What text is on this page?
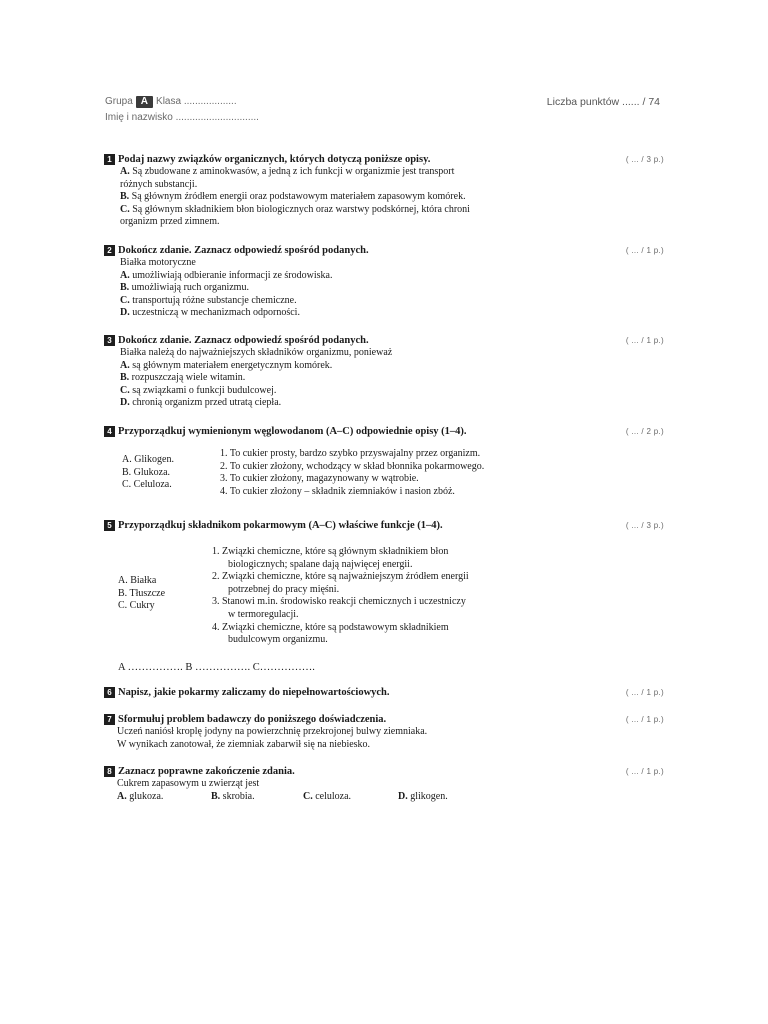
Grupa A Klasa ...................
Imię i nazwisko ..............................
Liczba punktów ...... / 74
1 Podaj nazwy związków organicznych, których dotyczą poniższe opisy.	( ... / 3 p.)
A. Są zbudowane z aminokwasów, a jedną z ich funkcji w organizmie jest transport
różnych substancji.
B. Są głównym źródłem energii oraz podstawowym materiałem zapasowym komórek.
C. Są głównym składnikiem błon biologicznych oraz warstwy podskórnej, która chroni
organizm przed zimnem.
2 Dokończ zdanie. Zaznacz odpowiedź spośród podanych.	( ... / 1 p.)
Białka motoryczne
A. umożliwiają odbieranie informacji ze środowiska.
B. umożliwiają ruch organizmu.
C. transportują różne substancje chemiczne.
D. uczestniczą w mechanizmach odporności.
3 Dokończ zdanie. Zaznacz odpowiedź spośród podanych.	( ... / 1 p.)
Białka należą do najważniejszych składników organizmu, ponieważ
A. są głównym materiałem energetycznym komórek.
B. rozpuszczają wiele witamin.
C. są związkami o funkcji budulcowej.
D. chronią organizm przed utratą ciepła.
4 Przyporządkuj wymienionym węglowodanom (A–C) odpowiednie opisy (1–4).	( ... / 2 p.)
A. Glikogen.
B. Glukoza.
C. Celuloza.
1. To cukier prosty, bardzo szybko przyswajalny przez organizm.
2. To cukier złożony, wchodzący w skład błonnika pokarmowego.
3. To cukier złożony, magazynowany w wątrobie.
4. To cukier złożony – składnik ziemniaków i nasion zbóż.
5 Przyporządkuj składnikom pokarmowym (A–C) właściwe funkcje (1–4).	( ... / 3 p.)
A. Białka
B. Tłuszcze
C. Cukry
1. Związki chemiczne, które są głównym składnikiem błon
biologicznych; spalane dają najwięcej energii.
2. Związki chemiczne, które są najważniejszym źródłem energii
potrzebnej do pracy mięśni.
3. Stanowi m.in. środowisko reakcji chemicznych i uczestniczy
w termoregulacji.
4. Związki chemiczne, które są podstawowym składnikiem
budulcowym organizmu.
A ……………. B ……………. C…………….
6 Napisz, jakie pokarmy zaliczamy do niepełnowartościowych.	( ... / 1 p.)
7 Sformułuj problem badawczy do poniższego doświadczenia.	( ... / 1 p.)
Uczeń naniósł kroplę jodyny na powierzchnię przekrojonej bulwy ziemniaka.
W wynikach zanotował, że ziemniak zabarwił się na niebiesko.
8 Zaznacz poprawne zakończenie zdania.	( ... / 1 p.)
Cukrem zapasowym u zwierząt jest
A. glukoza.	B. skrobia.	C. celuloza.	D. glikogen.
